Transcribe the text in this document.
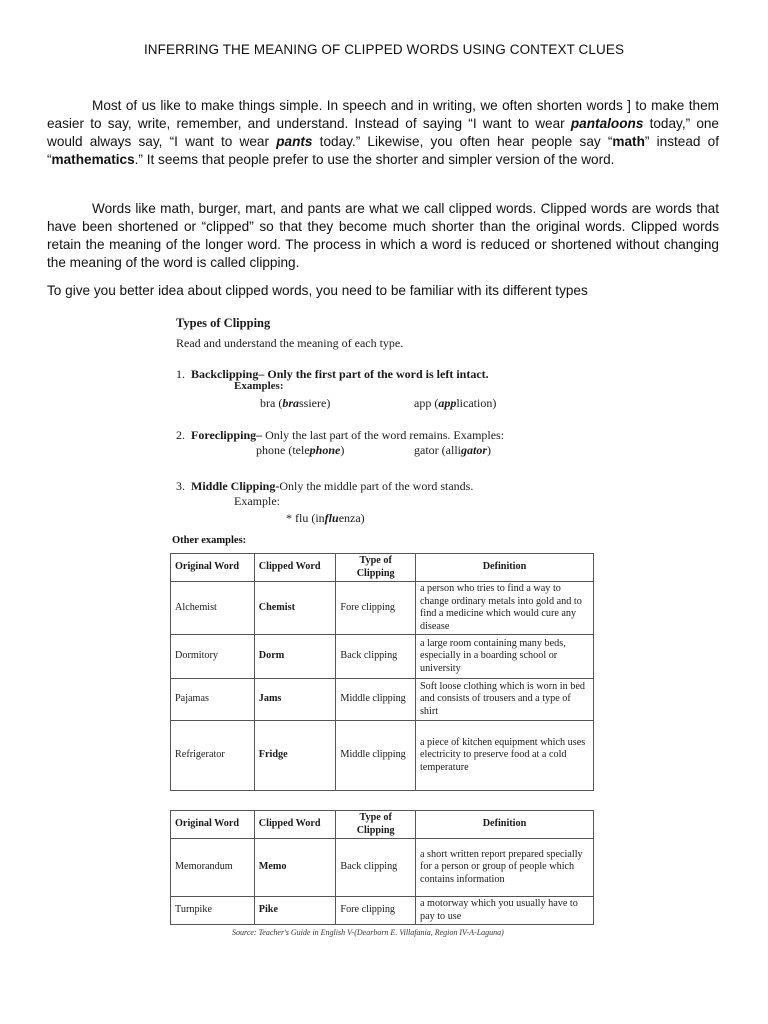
INFERRING THE MEANING OF CLIPPED WORDS USING CONTEXT CLUES

Most of us like to make things simple. In speech and in writing, we often shorten words ] to make them easier to say, write, remember, and understand. Instead of saying “I want to wear pantaloons today,” one would always say, “I want to wear pants today.” Likewise, you often hear people say “math” instead of “mathematics.” It seems that people prefer to use the shorter and simpler version of the word.

Words like math, burger, mart, and pants are what we call clipped words. Clipped words are words that have been shortened or “clipped” so that they become much shorter than the original words. Clipped words retain the meaning of the longer word. The process in which a word is reduced or shortened without changing the meaning of the word is called clipping.

To give you better idea about clipped words, you need to be familiar with its different types

Types of Clipping
Read and understand the meaning of each type.
1. Backclipping– Only the first part of the word is left intact.
Examples:
bra (brassiere)	app (application)
2. Foreclipping– Only the last part of the word remains. Examples:
phone (telephone)	gator (alligator)
3. Middle Clipping-Only the middle part of the word stands.
Example:
* flu (influenza)
Other examples:
Original Word	Clipped Word	Type of Clipping	Definition
Alchemist	Chemist	Fore clipping	a person who tries to find a way to change ordinary metals into gold and to find a medicine which would cure any disease
Dormitory	Dorm	Back clipping	a large room containing many beds, especially in a boarding school or university
Pajamas	Jams	Middle clipping	Soft loose clothing which is worn in bed and consists of trousers and a type of shirt
Refrigerator	Fridge	Middle clipping	a piece of kitchen equipment which uses electricity to preserve food at a cold temperature
Original Word	Clipped Word	Type of Clipping	Definition
Memorandum	Memo	Back clipping	a short written report prepared specially for a person or group of people which contains information
Turnpike	Pike	Fore clipping	a motorway which you usually have to pay to use
Source: Teacher's Guide in English V-(Dearborn E. Villafania, Region IV-A-Laguna)
